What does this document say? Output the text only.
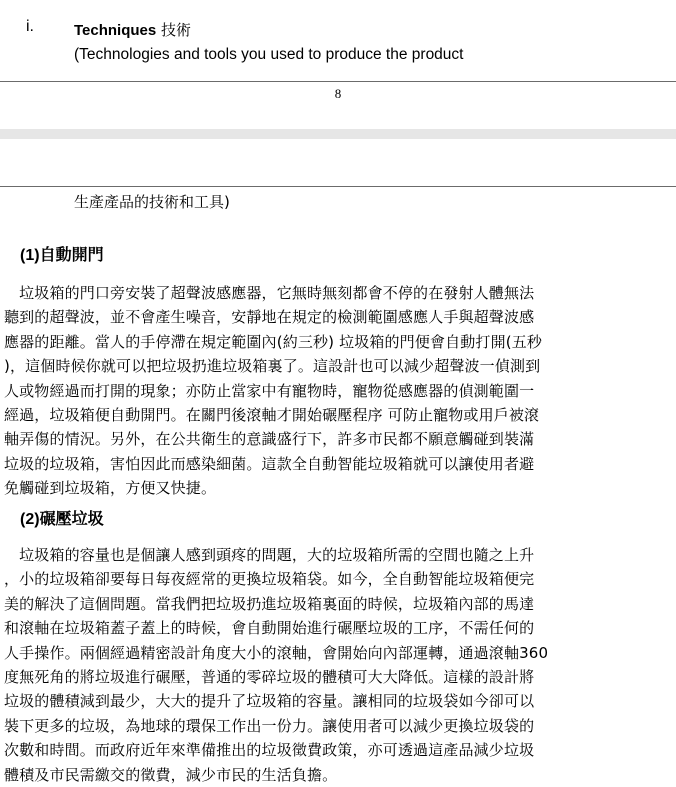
i.	Techniques 技術
(Technologies and tools you used to produce the product
8
生產產品的技術和工具)
(1)自動開門
　垃圾箱的門口旁安裝了超聲波感應器，它無時無刻都會不停的在發射人體無法
聽到的超聲波，並不會產生噪音，安靜地在規定的檢測範圍感應人手與超聲波感
應器的距離。當人的手停滯在規定範圍內(約三秒) 垃圾箱的門便會自動打開(五秒
)，這個時候你就可以把垃圾扔進垃圾箱裏了。這設計也可以減少超聲波一偵測到
人或物經過而打開的現象；亦防止當家中有寵物時，寵物從感應器的偵測範圍一
經過，垃圾箱便自動開門。在關門後滾軸才開始碾壓程序 可防止寵物或用戶被滾
軸弄傷的情況。另外，在公共衛生的意識盛行下，許多市民都不願意觸碰到裝滿
垃圾的垃圾箱，害怕因此而感染細菌。這款全自動智能垃圾箱就可以讓使用者避
免觸碰到垃圾箱，方便又快捷。
(2)碾壓垃圾
　垃圾箱的容量也是個讓人感到頭疼的問題，大的垃圾箱所需的空間也隨之上升
，小的垃圾箱卻要每日每夜經常的更換垃圾箱袋。如今，全自動智能垃圾箱便完
美的解決了這個問題。當我們把垃圾扔進垃圾箱裏面的時候，垃圾箱內部的馬達
和滾軸在垃圾箱蓋子蓋上的時候，會自動開始進行碾壓垃圾的工序，不需任何的
人手操作。兩個經過精密設計角度大小的滾軸，會開始向內部運轉，通過滾軸360
度無死角的將垃圾進行碾壓，普通的零碎垃圾的體積可大大降低。這樣的設計將
垃圾的體積減到最少，大大的提升了垃圾箱的容量。讓相同的垃圾袋如今卻可以
裝下更多的垃圾，為地球的環保工作出一份力。讓使用者可以減少更換垃圾袋的
次數和時間。而政府近年來準備推出的垃圾徵費政策，亦可透過這產品減少垃圾
體積及市民需繳交的徵費，減少市民的生活負擔。
